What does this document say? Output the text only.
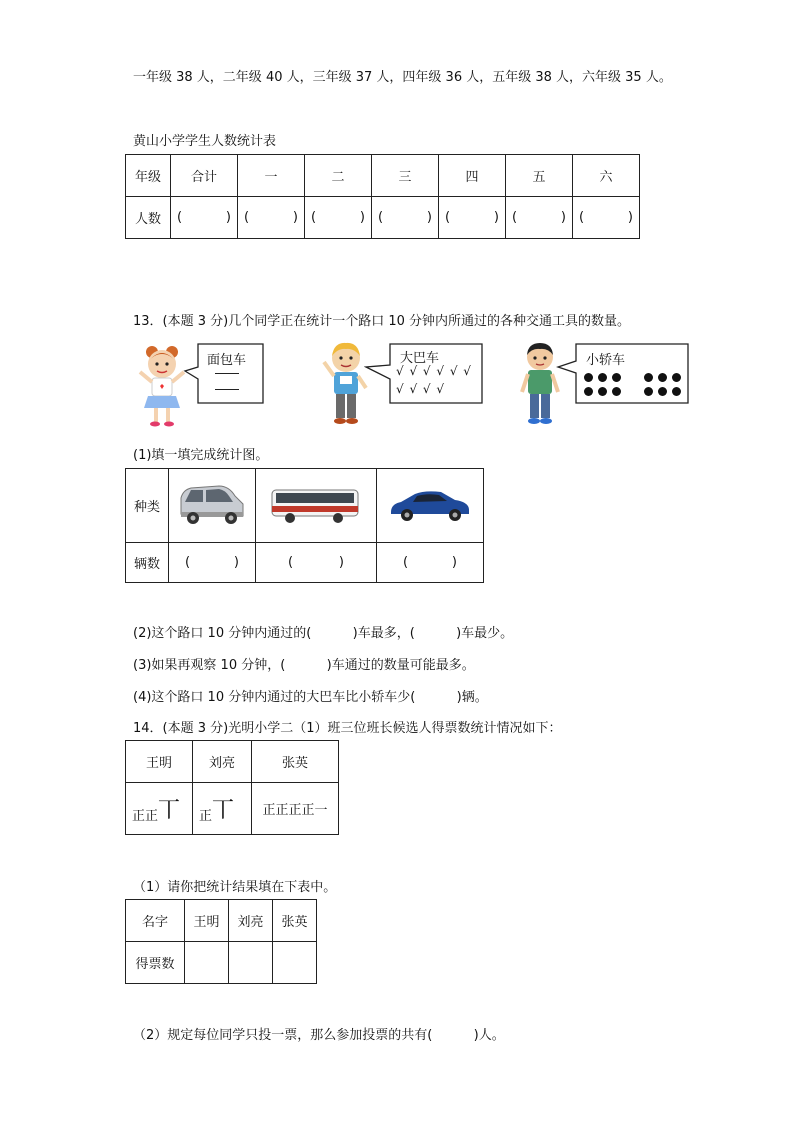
一年级 38 人，二年级 40 人，三年级 37 人，四年级 36 人，五年级 38 人，六年级 35 人。
黄山小学学生人数统计表
年级	合计	一	二	三	四	五	六
人数	( )	( )	( )	( )	( )	( )	( )
13．(本题 3 分)几个同学正在统计一个路口 10 分钟内所通过的各种交通工具的数量。
面包车	大巴车
√ √ √ √ √ √
√ √ √ √
小轿车
(1)填一填完成统计图。
种类			
辆数	( )	( )	( )
(2)这个路口 10 分钟内通过的(          )车最多，(          )车最少。
(3)如果再观察 10 分钟，(          )车通过的数量可能最多。
(4)这个路口 10 分钟内通过的大巴车比小轿车少(          )辆。
14．(本题 3 分)光明小学二（1）班三位班长候选人得票数统计情况如下：
王明	刘亮	张英
正正丅	正丅	正正正正一
（1）请你把统计结果填在下表中。
名字	王明	刘亮	张英
得票数			
（2）规定每位同学只投一票，那么参加投票的共有(          )人。
